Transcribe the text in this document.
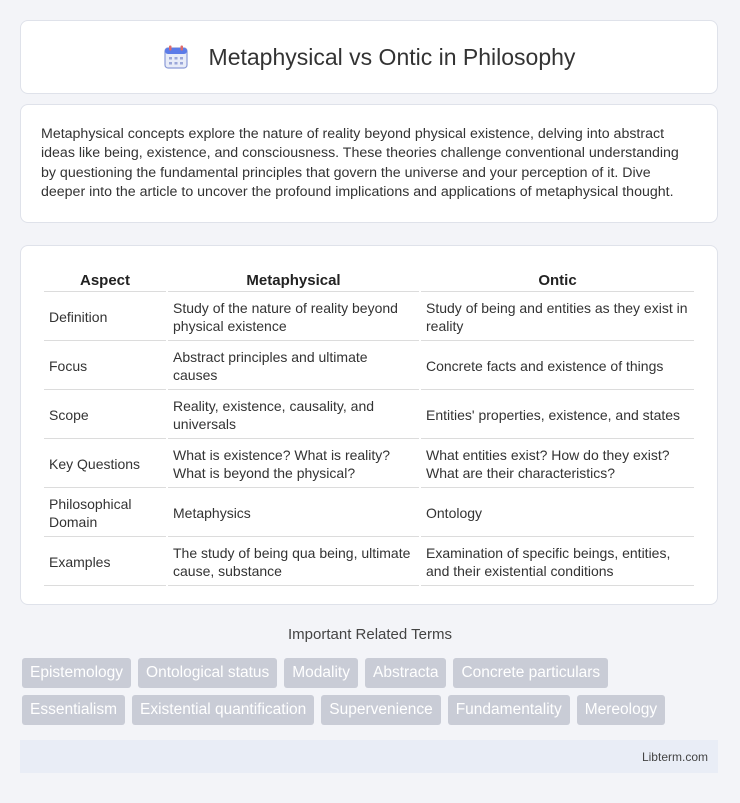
Metaphysical vs Ontic in Philosophy

Metaphysical concepts explore the nature of reality beyond physical existence, delving into abstract ideas like being, existence, and consciousness. These theories challenge conventional understanding by questioning the fundamental principles that govern the universe and your perception of it. Dive deeper into the article to uncover the profound implications and applications of metaphysical thought.

Aspect	Metaphysical	Ontic
Definition	Study of the nature of reality beyond physical existence	Study of being and entities as they exist in reality
Focus	Abstract principles and ultimate causes	Concrete facts and existence of things
Scope	Reality, existence, causality, and universals	Entities' properties, existence, and states
Key Questions	What is existence? What is reality? What is beyond the physical?	What entities exist? How do they exist? What are their characteristics?
Philosophical Domain	Metaphysics	Ontology
Examples	The study of being qua being, ultimate cause, substance	Examination of specific beings, entities, and their existential conditions
Important Related Terms
Epistemology	Ontological status	Modality	Abstracta	Concrete particulars
Essentialism	Existential quantification	Supervenience	Fundamentality	Mereology
Libterm.com
